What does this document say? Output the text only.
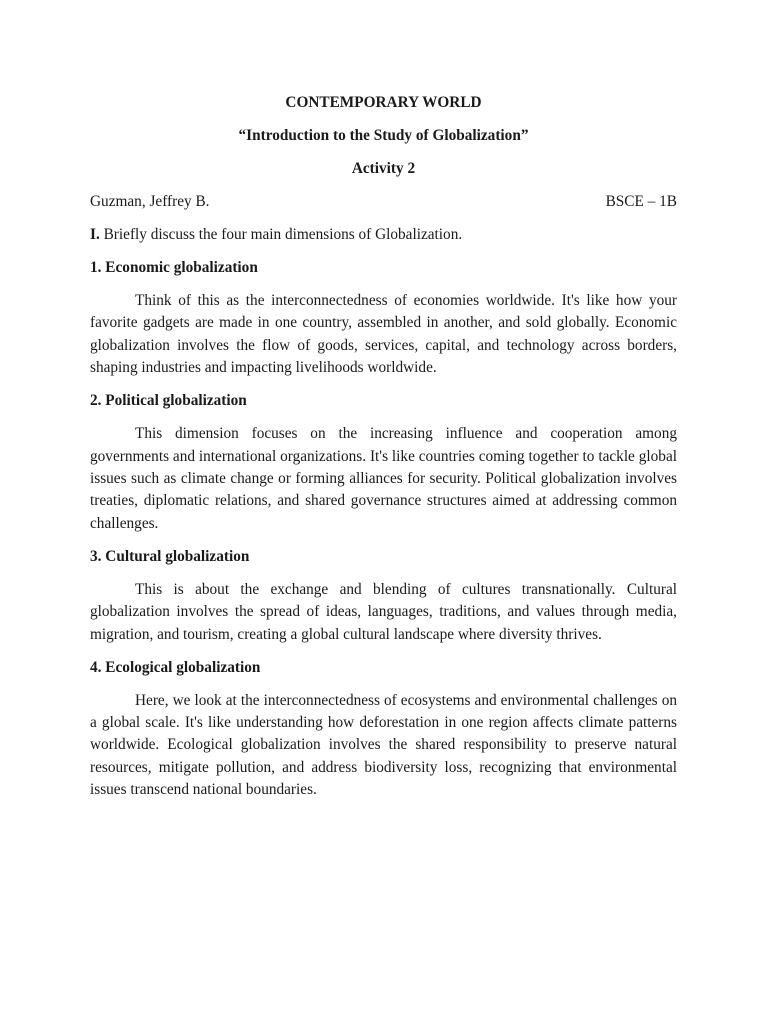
CONTEMPORARY WORLD
“Introduction to the Study of Globalization”
Activity 2
Guzman, Jeffrey B.	BSCE – 1B
I. Briefly discuss the four main dimensions of Globalization.
1. Economic globalization
Think of this as the interconnectedness of economies worldwide. It's like how your favorite gadgets are made in one country, assembled in another, and sold globally. Economic globalization involves the flow of goods, services, capital, and technology across borders, shaping industries and impacting livelihoods worldwide.
2. Political globalization
This dimension focuses on the increasing influence and cooperation among governments and international organizations. It's like countries coming together to tackle global issues such as climate change or forming alliances for security. Political globalization involves treaties, diplomatic relations, and shared governance structures aimed at addressing common challenges.
3. Cultural globalization
This is about the exchange and blending of cultures transnationally. Cultural globalization involves the spread of ideas, languages, traditions, and values through media, migration, and tourism, creating a global cultural landscape where diversity thrives.
4. Ecological globalization
Here, we look at the interconnectedness of ecosystems and environmental challenges on a global scale. It's like understanding how deforestation in one region affects climate patterns worldwide. Ecological globalization involves the shared responsibility to preserve natural resources, mitigate pollution, and address biodiversity loss, recognizing that environmental issues transcend national boundaries.
